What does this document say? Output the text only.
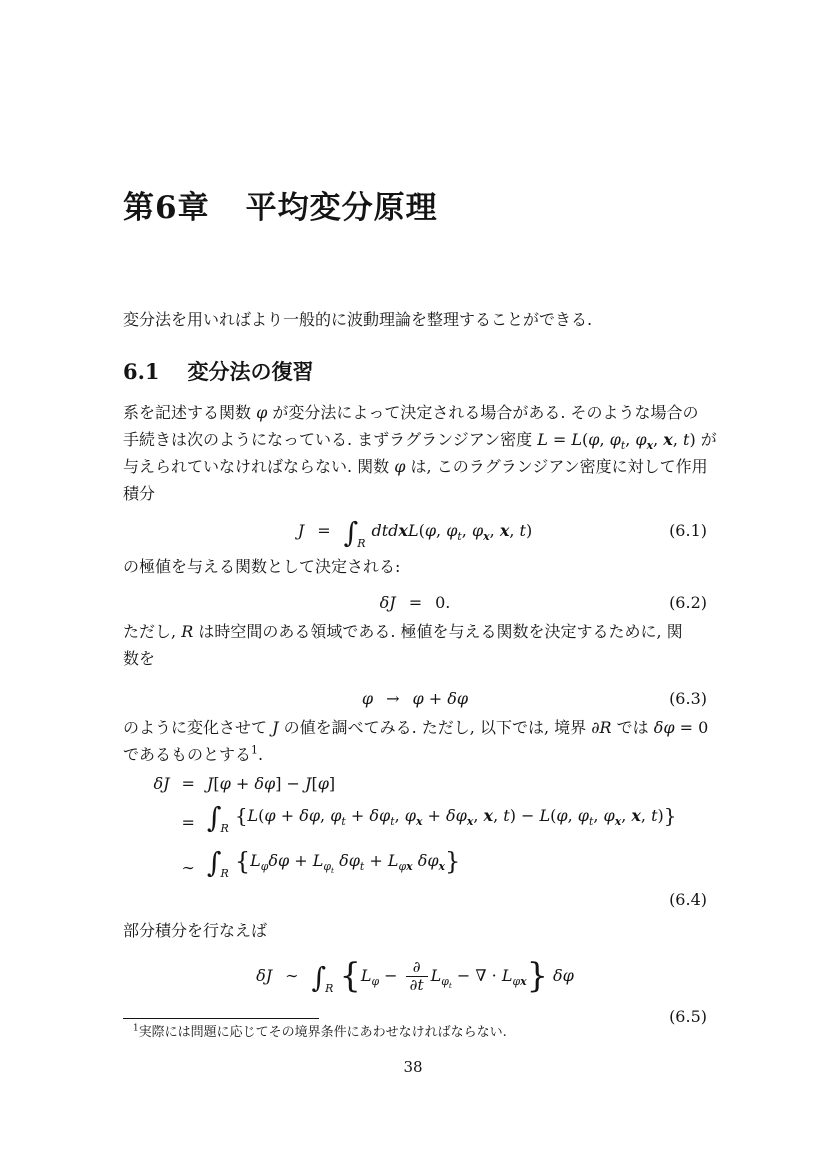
第6章 平均変分原理
変分法を用いればより一般的に波動理論を整理することができる.
6.1 変分法の復習
系を記述する関数 φ が変分法によって決定される場合がある. そのような場合の
手続きは次のようになっている. まずラグランジアン密度 L = L(φ, $\varphi_t$, $\varphi_x$, x, t) が
与えられていなければならない. 関数 φ は, このラグランジアン密度に対して作用
積分
$J = \int_RdtdxL(\varphi$, $\varphi_t$, $\varphi_x$, x, t)	(6.1)
の極値を与える関数として決定される:
δJ = 0.	(6.2)
ただし, R は時空間のある領域である. 極値を与える関数を決定するために, 関
数を
φ → φ + δφ	(6.3)
のように変化させて J の値を調べてみる. ただし, 以下では, 境界 ∂R では δφ = 0
であるものとする$^1$.
δJ = J[φ + δφ] − J[φ]
= $\int_R\{L(\varphi + \delta\varphi$, $\varphi_t + \delta\varphi_t$, $\varphi_x + \delta\varphi_x$, x, t) − L(φ, $\varphi_t$, $\varphi_x$, x, t)}
∼ $\int_R$ {$L_\varphi\delta\varphi + L_{\varphi_t}$ $\delta\varphi_t + L_{\varphi x}$ $\delta\varphi_x$}
(6.4)
部分積分を行なえば
δJ ∼ $\int_R$ {$L_\varphi - \frac{\partial}{\partial t} L_{\varphi_t}$ − ∇ · $L_{\varphi x}$} δφ
(6.5)
$^1$実際には問題に応じてその境界条件にあわせなければならない.
38
